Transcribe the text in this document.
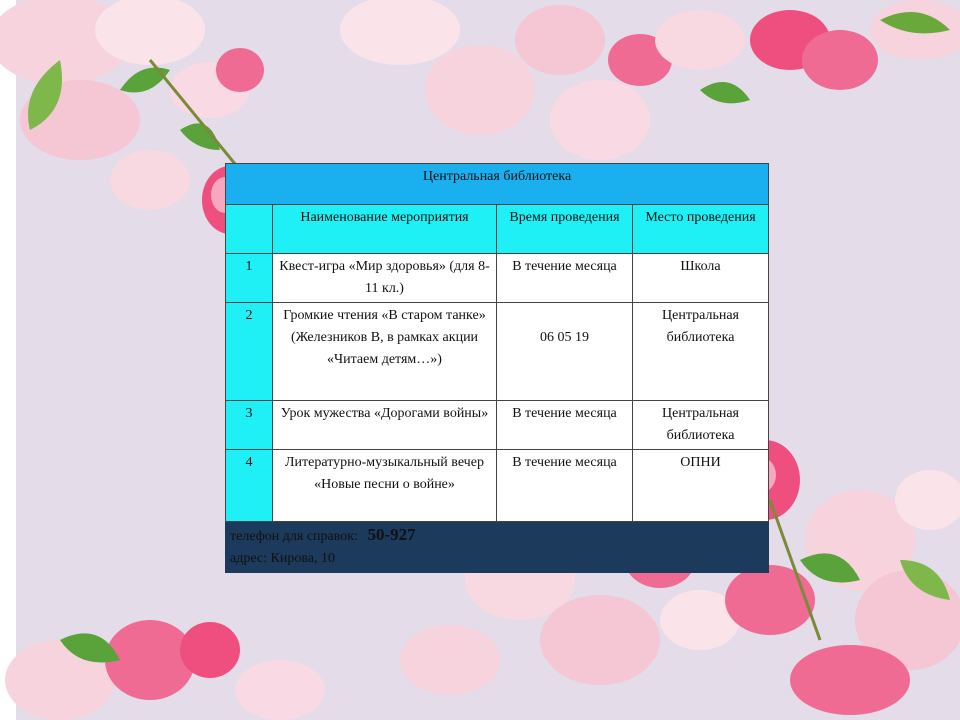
Центральная библиотека			
	Наименование мероприятия	Время проведения	Место проведения
1	Квест-игра «Мир здоровья» (для 8-11 кл.)	В течение месяца	Школа
2	Громкие чтения «В старом танке» (Железников В, в рамках акции «Читаем детям…»)	06 05 19	Центральная библиотека
3	Урок мужества «Дорогами войны»	В течение месяца	Центральная библиотека
4	Литературно-музыкальный вечер «Новые песни о войне»	В течение месяца	ОПНИ

телефон для справок: 50-927
адрес: Кирова, 10			
